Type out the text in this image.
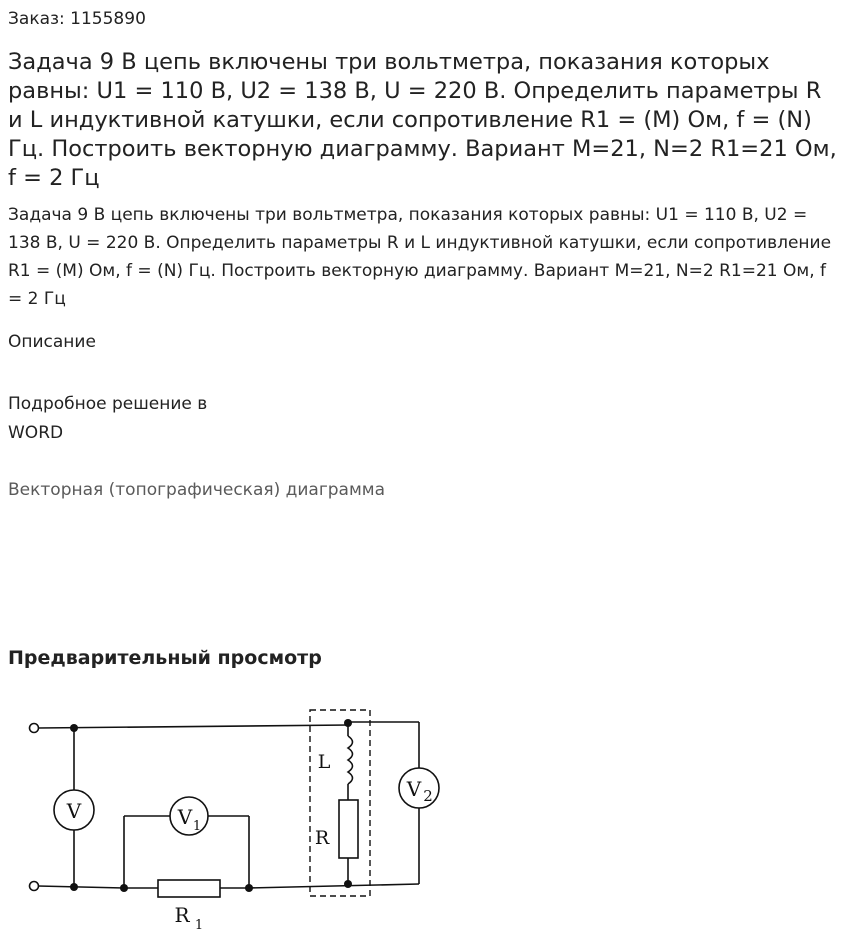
Заказ: 1155890
Задача 9 В цепь включены три вольтметра, показания которых равны: U1 = 110 В, U2 = 138 В, U = 220 В. Определить параметры R и L индуктивной катушки, если сопротивление R1 = (M) Ом, f = (N) Гц. Построить векторную диаграмму. Вариант M=21, N=2 R1=21 Ом, f = 2 Гц
Задача 9 В цепь включены три вольтметра, показания которых равны: U1 = 110 В, U2 = 138 В, U = 220 В. Определить параметры R и L индуктивной катушки, если сопротивление R1 = (M) Ом, f = (N) Гц. Построить векторную диаграмму. Вариант M=21, N=2 R1=21 Ом, f = 2 Гц
Описание
Подробное решение в
WORD
Векторная (топографическая) диаграмма
Предварительный просмотр
V	V 1
R 1
L
R
V 2
